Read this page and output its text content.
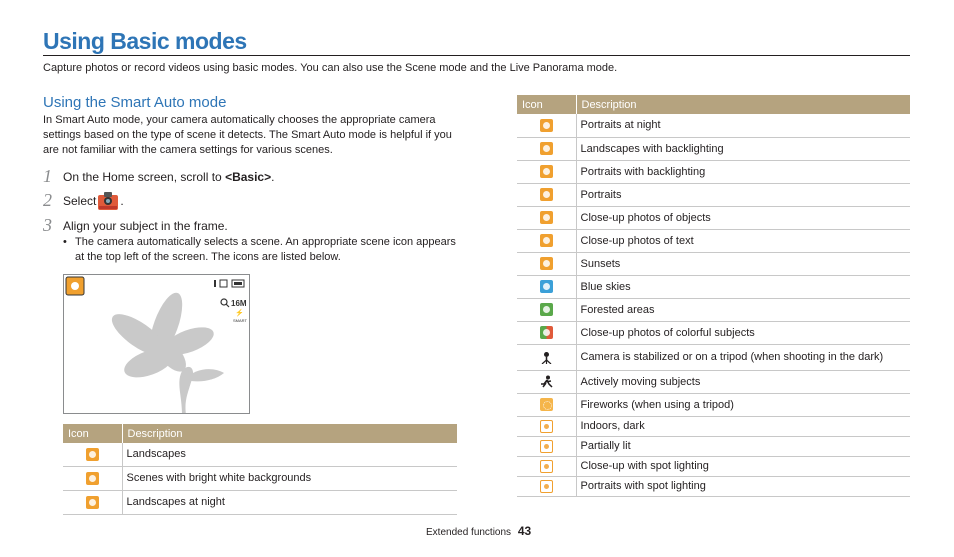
Using Basic modes
Capture photos or record videos using basic modes. You can also use the Scene mode and the Live Panorama mode.
Using the Smart Auto mode
In Smart Auto mode, your camera automatically chooses the appropriate camera settings based on the type of scene it detects. The Smart Auto mode is helpful if you are not familiar with the camera settings for various scenes.
1 On the Home screen, scroll to <Basic>.
2 Select .
3 Align your subject in the frame.
• The camera automatically selects a scene. An appropriate scene icon appears at the top left of the screen. The icons are listed below.
16M
⚡
SMART
Icon	Description
	Landscapes
	Scenes with bright white backgrounds
	Landscapes at night
Icon	Description
	Portraits at night
	Landscapes with backlighting
	Portraits with backlighting
	Portraits
	Close-up photos of objects
	Close-up photos of text
	Sunsets
	Blue skies
	Forested areas
	Close-up photos of colorful subjects
	Camera is stabilized or on a tripod (when shooting in the dark)
	Actively moving subjects
	Fireworks (when using a tripod)
	Indoors, dark
	Partially lit
	Close-up with spot lighting
	Portraits with spot lighting
Extended functions 43
